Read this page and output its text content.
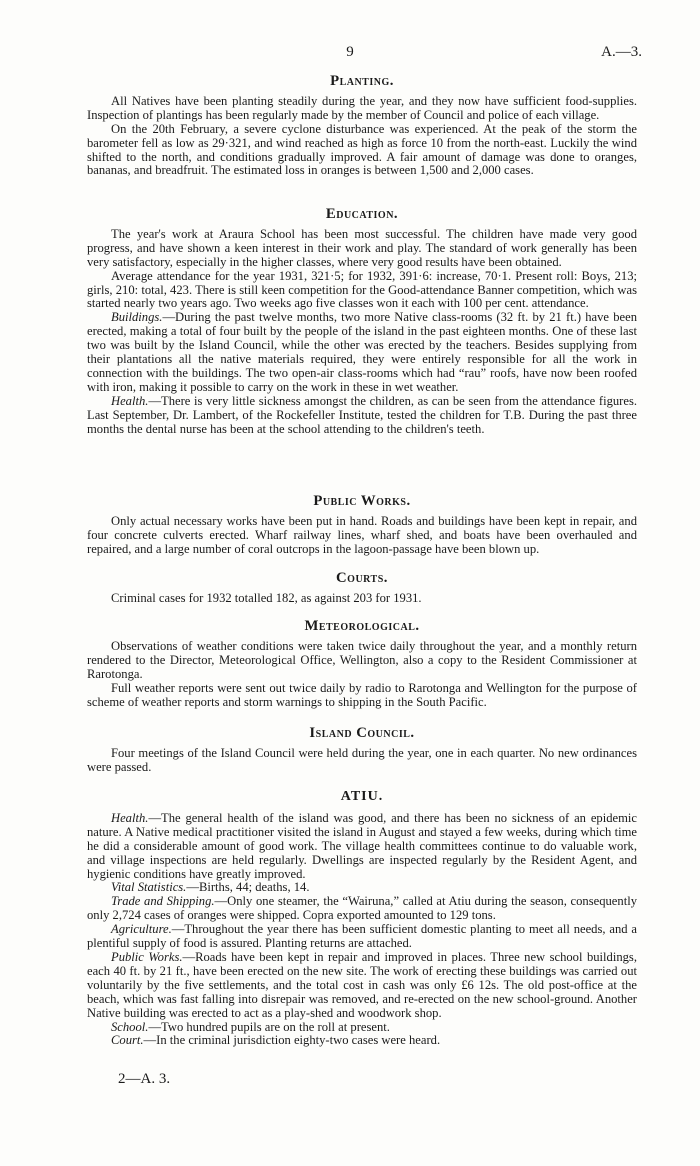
9	A.—3.
Planting.

All Natives have been planting steadily during the year, and they now have sufficient food-supplies. Inspection of plantings has been regularly made by the member of Council and police of each village.

On the 20th February, a severe cyclone disturbance was experienced. At the peak of the storm the barometer fell as low as 29·321, and wind reached as high as force 10 from the north-east. Luckily the wind shifted to the north, and conditions gradually improved. A fair amount of damage was done to oranges, bananas, and breadfruit. The estimated loss in oranges is between 1,500 and 2,000 cases.

Education.

The year's work at Araura School has been most successful. The children have made very good progress, and have shown a keen interest in their work and play. The standard of work generally has been very satisfactory, especially in the higher classes, where very good results have been obtained.

Average attendance for the year 1931, 321·5; for 1932, 391·6: increase, 70·1. Present roll: Boys, 213; girls, 210: total, 423. There is still keen competition for the Good-attendance Banner competition, which was started nearly two years ago. Two weeks ago five classes won it each with 100 per cent. attendance.

Buildings.—During the past twelve months, two more Native class-rooms (32 ft. by 21 ft.) have been erected, making a total of four built by the people of the island in the past eighteen months. One of these last two was built by the Island Council, while the other was erected by the teachers. Besides supplying from their plantations all the native materials required, they were entirely responsible for all the work in connection with the buildings. The two open-air class-rooms which had “rau” roofs, have now been roofed with iron, making it possible to carry on the work in these in wet weather.

Health.—There is very little sickness amongst the children, as can be seen from the attendance figures. Last September, Dr. Lambert, of the Rockefeller Institute, tested the children for T.B. During the past three months the dental nurse has been at the school attending to the children's teeth.

Public Works.

Only actual necessary works have been put in hand. Roads and buildings have been kept in repair, and four concrete culverts erected. Wharf railway lines, wharf shed, and boats have been overhauled and repaired, and a large number of coral outcrops in the lagoon-passage have been blown up.

Courts.

Criminal cases for 1932 totalled 182, as against 203 for 1931.

Meteorological.

Observations of weather conditions were taken twice daily throughout the year, and a monthly return rendered to the Director, Meteorological Office, Wellington, also a copy to the Resident Commissioner at Rarotonga.

Full weather reports were sent out twice daily by radio to Rarotonga and Wellington for the purpose of scheme of weather reports and storm warnings to shipping in the South Pacific.

Island Council.

Four meetings of the Island Council were held during the year, one in each quarter. No new ordinances were passed.

ATIU.

Health.—The general health of the island was good, and there has been no sickness of an epidemic nature. A Native medical practitioner visited the island in August and stayed a few weeks, during which time he did a considerable amount of good work. The village health committees continue to do valuable work, and village inspections are held regularly. Dwellings are inspected regularly by the Resident Agent, and hygienic conditions have greatly improved.

Vital Statistics.—Births, 44; deaths, 14.

Trade and Shipping.—Only one steamer, the “Wairuna,” called at Atiu during the season, consequently only 2,724 cases of oranges were shipped. Copra exported amounted to 129 tons.

Agriculture.—Throughout the year there has been sufficient domestic planting to meet all needs, and a plentiful supply of food is assured. Planting returns are attached.

Public Works.—Roads have been kept in repair and improved in places. Three new school buildings, each 40 ft. by 21 ft., have been erected on the new site. The work of erecting these buildings was carried out voluntarily by the five settlements, and the total cost in cash was only £6 12s. The old post-office at the beach, which was fast falling into disrepair was removed, and re-erected on the new school-ground. Another Native building was erected to act as a play-shed and woodwork shop.

School.—Two hundred pupils are on the roll at present.

Court.—In the criminal jurisdiction eighty-two cases were heard.

2—A. 3.
